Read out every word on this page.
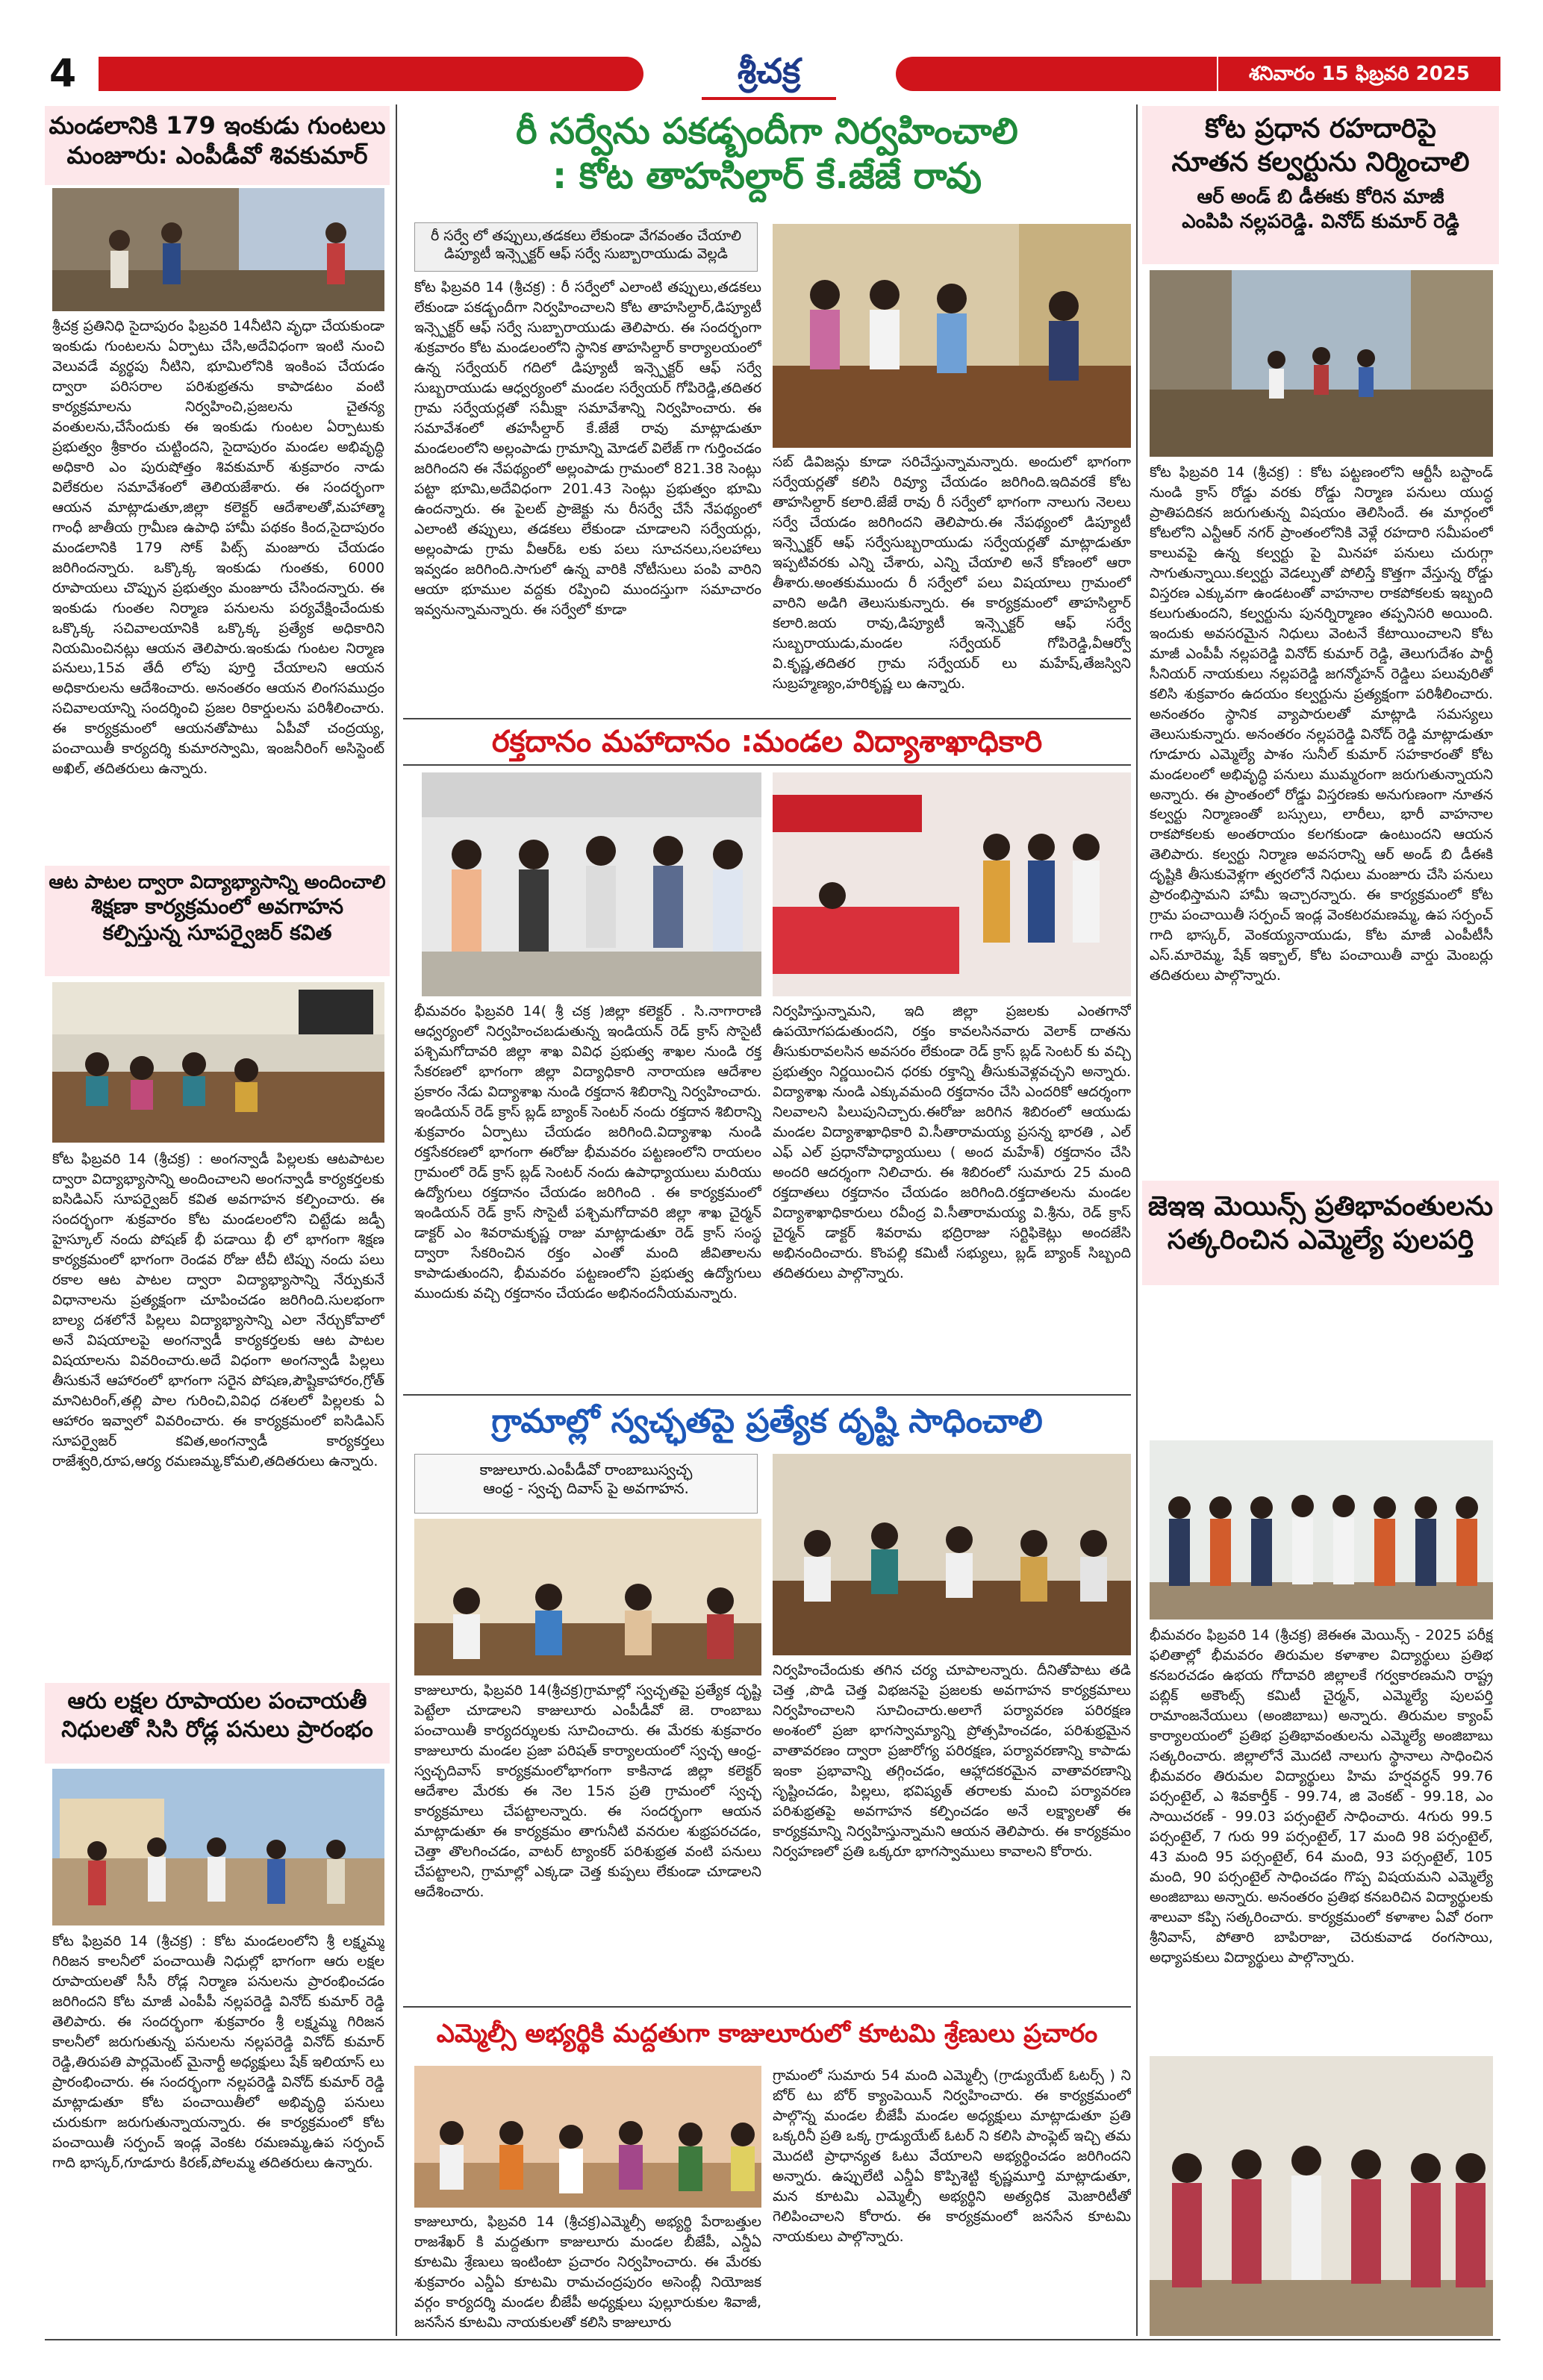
4	శ్రీచక్ర	శనివారం 15 ఫిబ్రవరి 2025
మండలానికి 179 ఇంకుడు గుంటలు
మంజూరు: ఎంపీడీవో శివకుమార్
శ్రీచక్ర ప్రతినిధి సైదాపురం ఫిబ్రవరి 14నీటిని వృధా చేయకుండా ఇంకుడు గుంటలను ఏర్పాటు చేసి,అదేవిధంగా ఇంటి నుంచి వెలువడే వ్యర్థపు నీటిని, భూమిలోనికి ఇంకింప చేయడం ద్వారా పరిసరాల పరిశుభ్రతను కాపాడటం వంటి కార్యక్రమాలను నిర్వహించి,ప్రజలను చైతన్య వంతులను,చేసేందుకు ఈ ఇంకుడు గుంటల ఏర్పాటుకు ప్రభుత్వం శ్రీకారం చుట్టిందని, సైదాపురం మండల అభివృద్ధి అధికారి ఎం పురుషోత్తం శివకుమార్ శుక్రవారం నాడు విలేకరుల సమావేశంలో తెలియజేశారు. ఈ సందర్భంగా ఆయన మాట్లాడుతూ,జిల్లా కలెక్టర్ ఆదేశాలతో,మహాత్మా గాంధీ జాతీయ గ్రామీణ ఉపాధి హామీ పథకం కింద,సైదాపురం మండలానికి 179 సోక్ పిట్స్ మంజూరు చేయడం జరిగిందన్నారు. ఒక్కొక్క ఇంకుడు గుంతకు, 6000 రూపాయలు చొప్పున ప్రభుత్వం మంజూరు చేసిందన్నారు. ఈ ఇంకుడు గుంతల నిర్మాణ పనులను పర్యవేక్షించేందుకు ఒక్కొక్క సచివాలయానికి ఒక్కొక్క ప్రత్యేక అధికారిని నియమించినట్లు ఆయన తెలిపారు.ఇంకుడు గుంటల నిర్మాణ పనులు,15వ తేదీ లోపు పూర్తి చేయాలని ఆయన అధికారులను ఆదేశించారు. అనంతరం ఆయన లింగసముద్రం సచివాలయాన్ని సందర్శించి ప్రజల రికార్డులను పరిశీలించారు. ఈ కార్యక్రమంలో ఆయనతోపాటు ఏపీవో చంద్రయ్య, పంచాయితీ కార్యదర్శి కుమారస్వామి, ఇంజనీరింగ్ అసిస్టెంట్ అఖిల్, తదితరులు ఉన్నారు.
ఆట పాటల ద్వారా విద్యాభ్యాసాన్ని అందించాలి
శిక్షణా కార్యక్రమంలో అవగాహన
కల్పిస్తున్న సూపర్వైజర్ కవిత
కోట ఫిబ్రవరి 14 (శ్రీచక్ర) : అంగన్వాడీ పిల్లలకు ఆటపాటల ద్వారా విద్యాభ్యాసాన్ని అందించాలని అంగన్వాడీ కార్యకర్తలకు ఐసిడిఎస్ సూపర్వైజర్ కవిత అవగాహన కల్పించారు. ఈ సందర్భంగా శుక్రవారం కోట మండలంలోని చిట్టేడు జడ్పీ హైస్కూల్ నందు పోషణ్ భీ పడాయి భీ లో భాగంగా శిక్షణ కార్యక్రమంలో భాగంగా రెండవ రోజు టీచీ టిప్పు నందు పలు రకాల ఆట పాటల ద్వారా విద్యాభ్యాసాన్ని నేర్పుకునే విధానాలను ప్రత్యక్షంగా చూపించడం జరిగింది.సులభంగా బాల్య దశలోనే పిల్లలు విద్యాభ్యాసాన్ని ఎలా నేర్చుకోవాలో అనే విషయాలపై అంగన్వాడీ కార్యకర్తలకు ఆట పాటల విషయాలను వివరించారు.అదే విధంగా అంగన్వాడీ పిల్లలు తీసుకునే ఆహారంలో భాగంగా సరైన పోషణ,పౌష్టికాహారం,గ్రోత్ మానిటరింగ్,తల్లి పాల గురించి,వివిధ దశలలో పిల్లలకు ఏ ఆహారం ఇవ్వాలో వివరించారు. ఈ కార్యక్రమంలో ఐసిడిఎస్ సూపర్వైజర్ కవిత,అంగన్వాడీ కార్యకర్తలు రాజేశ్వరి,రూప,ఆర్య రమణమ్మ,కోమలి,తదితరులు ఉన్నారు.
ఆరు లక్షల రూపాయల పంచాయతీ
నిధులతో సిసి రోడ్ల పనులు ప్రారంభం
కోట ఫిబ్రవరి 14 (శ్రీచక్ర) : కోట మండలంలోని శ్రీ లక్ష్మమ్మ గిరిజన కాలనీలో పంచాయితీ నిధుల్లో భాగంగా ఆరు లక్షల రూపాయలతో సీసీ రోడ్ల నిర్మాణ పనులను ప్రారంభించడం జరిగిందని కోట మాజీ ఎంపీపీ నల్లపరెడ్డి వినోద్ కుమార్ రెడ్డి తెలిపారు. ఈ సందర్భంగా శుక్రవారం శ్రీ లక్ష్మమ్మ గిరిజన కాలనీలో జరుగుతున్న పనులను నల్లపరెడ్డి వినోద్ కుమార్ రెడ్డి,తిరుపతి పార్లమెంట్ మైనార్టీ అధ్యక్షులు షేక్ ఇలియాస్ లు ప్రారంభించారు. ఈ సందర్భంగా నల్లపరెడ్డి వినోద్ కుమార్ రెడ్డి మాట్లాడుతూ కోట పంచాయితీలో అభివృద్ధి పనులు చురుకుగా జరుగుతున్నాయన్నారు. ఈ కార్యక్రమంలో కోట పంచాయితీ సర్పంచ్ ఇండ్ల వెంకట రమణమ్మ,ఉప సర్పంచ్ గాది భాస్కర్,గూడూరు కిరణ్,పోలమ్మ తదితరులు ఉన్నారు.
రీ సర్వేను పకడ్బందీగా నిర్వహించాలి
: కోట తాహసిల్దార్ కే.జేజే రావు
రీ సర్వే లో తప్పులు,తడకలు లేకుండా వేగవంతం చేయాలి
డిప్యూటీ ఇన్స్పెక్టర్ ఆఫ్ సర్వే సుబ్బారాయుడు వెల్లడి
కోట ఫిబ్రవరి 14 (శ్రీచక్ర) : రీ సర్వేలో ఎలాంటి తప్పులు,తడకలు లేకుండా పకడ్బందీగా నిర్వహించాలని కోట తాహసిల్దార్,డిప్యూటీ ఇన్స్పెక్టర్ ఆఫ్ సర్వే సుబ్బారాయుడు తెలిపారు. ఈ సందర్భంగా శుక్రవారం కోట మండలంలోని స్థానిక తాహసిల్దార్ కార్యాలయంలో ఉన్న సర్వేయర్ గదిలో డిప్యూటీ ఇన్స్పెక్టర్ ఆఫ్ సర్వే సుబ్బరాయుడు ఆధ్వర్యంలో మండల సర్వేయర్ గోపిరెడ్డి,తదితర గ్రామ సర్వేయర్లతో సమీక్షా సమావేశాన్ని నిర్వహించారు. ఈ సమావేశంలో తహసీల్దార్ కే.జేజే రావు మాట్లాడుతూ మండలంలోని అల్లంపాడు గ్రామాన్ని మోడల్ విలేజ్ గా గుర్తించడం జరిగిందని ఈ నేపథ్యంలో అల్లంపాడు గ్రామంలో 821.38 సెంట్లు పట్టా భూమి,అదేవిధంగా 201.43 సెంట్లు ప్రభుత్వం భూమి ఉందన్నారు. ఈ పైలట్ ప్రాజెక్టు ను రీసర్వే చేసే నేపథ్యంలో ఎలాంటి తప్పులు, తడకలు లేకుండా చూడాలని సర్వేయర్లు, అల్లంపాడు గ్రామ వీఆర్ఓ లకు పలు సూచనలు,సలహాలు ఇవ్వడం జరిగింది.సాగులో ఉన్న వారికి నోటీసులు పంపి వారిని ఆయా భూముల వద్దకు రప్పించి ముందస్తుగా సమాచారం ఇవ్వనున్నామన్నారు. ఈ సర్వేలో కూడా
సబ్ డివిజన్లు కూడా సరిచేస్తున్నామన్నారు. అందులో భాగంగా సర్వేయర్లతో కలిసి రివ్యూ చేయడం జరిగింది.ఇదివరకే కోట తాహసిల్దార్ కలారి.జేజే రావు రీ సర్వేలో భాగంగా నాలుగు నెలలు సర్వే చేయడం జరిగిందని తెలిపారు.ఈ నేపథ్యంలో డిప్యూటీ ఇన్స్పెక్టర్ ఆఫ్ సర్వేసుబ్బరాయుడు సర్వేయర్లతో మాట్లాడుతూ ఇప్పటివరకు ఎన్ని చేశారు, ఎన్ని చేయాలి అనే కోణంలో ఆరా తీశారు.అంతకుముందు రీ సర్వేలో పలు విషయాలు గ్రామంలో వారిని అడిగి తెలుసుకున్నారు. ఈ కార్యక్రమంలో తాహసిల్దార్ కలారి.జయ రావు,డిప్యూటీ ఇన్స్పెక్టర్ ఆఫ్ సర్వే సుబ్బరాయుడు,మండల సర్వేయర్ గోపిరెడ్డి,వీఆర్వో వి.కృష్ణ,తదితర గ్రామ సర్వేయర్ లు మహేష్,తేజస్విని సుబ్రహ్మణ్యం,హరికృష్ణ లు ఉన్నారు.
రక్తదానం మహాదానం :మండల విద్యాశాఖాధికారి
భీమవరం ఫిబ్రవరి 14( శ్రీ చక్ర )జిల్లా కలెక్టర్ . సి.నాగారాణి ఆధ్వర్యంలో నిర్వహించబడుతున్న ఇండియన్ రెడ్ క్రాస్ సొసైటీ పశ్చిమగోదావరి జిల్లా శాఖ వివిధ ప్రభుత్వ శాఖల నుండి రక్త సేకరణలో భాగంగా జిల్లా విద్యాధికారి నారాయణ ఆదేశాల ప్రకారం నేడు విద్యాశాఖ నుండి రక్తదాన శిబిరాన్ని నిర్వహించారు. ఇండియన్ రెడ్ క్రాస్ బ్లడ్ బ్యాంక్ సెంటర్ నందు రక్తదాన శిబిరాన్ని శుక్రవారం ఏర్పాటు చేయడం జరిగింది.విద్యాశాఖ నుండి రక్తసేకరణలో భాగంగా ఈరోజు భీమవరం పట్టణంలోని రాయలం గ్రామంలో రెడ్ క్రాస్ బ్లడ్ సెంటర్ నందు ఉపాధ్యాయులు మరియు ఉద్యోగులు రక్తదానం చేయడం జరిగింది . ఈ కార్యక్రమంలో ఇండియన్ రెడ్ క్రాస్ సొసైటీ పశ్చిమగోదావరి జిల్లా శాఖ చైర్మన్ డాక్టర్ ఎం శివరామకృష్ణ రాజు మాట్లాడుతూ రెడ్ క్రాస్ సంస్థ ద్వారా సేకరించిన రక్తం ఎంతో మంది జీవితాలను కాపాడుతుందని, భీమవరం పట్టణంలోని ప్రభుత్వ ఉద్యోగులు ముందుకు వచ్చి రక్తదానం చేయడం అభినందనీయమన్నారు.
నిర్వహిస్తున్నామని, ఇది జిల్లా ప్రజలకు ఎంతగానో ఉపయోగపడుతుందని, రక్తం కావలసినవారు వెలాక్ దాతను తీసుకురావలసిన అవసరం లేకుండా రెడ్ క్రాస్ బ్లడ్ సెంటర్ కు వచ్చి ప్రభుత్వం నిర్ణయించిన ధరకు రక్తాన్ని తీసుకువెళ్లవచ్చని అన్నారు. విద్యాశాఖ నుండి ఎక్కువమంది రక్తదానం చేసి ఎందరికో ఆదర్శంగా నిలవాలని పిలుపునిచ్చారు.ఈరోజు జరిగిన శిబిరంలో ఆయుడు మండల విద్యాశాఖాధికారి వి.సీతారామయ్య ప్రసన్న భారతి , ఎల్ ఎఫ్ ఎల్ ప్రధానోపాధ్యాయులు ( అంద మహేశ్) రక్తదానం చేసి అందరి ఆదర్శంగా నిలిచారు. ఈ శిబిరంలో సుమారు 25 మంది రక్తదాతలు రక్తదానం చేయడం జరిగింది.రక్తదాతలను మండల విద్యాశాఖాధికారులు రవీంద్ర వి.సీతారామయ్య వి.శ్రీను, రెడ్ క్రాస్ చైర్మన్ డాక్టర్ శివరామ భద్రిరాజు సర్టిఫికెట్లు అందజేసి అభినందించారు. కొంపల్లి కమిటీ సభ్యులు, బ్లడ్ బ్యాంక్ సిబ్బంది తదితరులు పాల్గొన్నారు.
గ్రామాల్లో స్వచ్ఛతపై ప్రత్యేక దృష్టి సాధించాలి
కాజులూరు.ఎంపీడీవో రాంబాబుస్వచ్ఛ
ఆంధ్ర - స్వచ్ఛ దివాస్ పై అవగాహన.
కాజులూరు, ఫిబ్రవరి 14(శ్రీచక్ర)గ్రామాల్లో స్వచ్ఛతపై ప్రత్యేక దృష్టి పెట్టేలా చూడాలని కాజులూరు ఎంపీడీవో జె. రాంబాబు పంచాయితీ కార్యదర్శులకు సూచించారు. ఈ మేరకు శుక్రవారం కాజులూరు మండల ప్రజా పరిషత్ కార్యాలయంలో స్వచ్ఛ ఆంధ్ర- స్వచ్ఛదివాస్ కార్యక్రమంలోభాగంగా కాకినాడ జిల్లా కలెక్టర్ ఆదేశాల మేరకు ఈ నెల 15న ప్రతి గ్రామంలో స్వచ్ఛ కార్యక్రమాలు చేపట్టాలన్నారు. ఈ సందర్భంగా ఆయన మాట్లాడుతూ ఈ కార్యక్రమం తాగునీటి వనరుల శుభ్రపరచడం, చెత్తా తొలగించడం, వాటర్ ట్యాంకర్ పరిశుభ్రత వంటి పనులు చేపట్టాలని, గ్రామాల్లో ఎక్కడా చెత్త కుప్పలు లేకుండా చూడాలని ఆదేశించారు.
నిర్వహించేందుకు తగిన చర్య చూపాలన్నారు. దీనితోపాటు తడి చెత్త ,పొడి చెత్త విభజనపై ప్రజలకు అవగాహన కార్యక్రమాలు నిర్వహించాలని సూచించారు.అలాగే పర్యావరణ పరిరక్షణ అంశంలో ప్రజా భాగస్వామ్యాన్ని ప్రోత్సహించడం, పరిశుభ్రమైన వాతావరణం ద్వారా ప్రజారోగ్య పరిరక్షణ, పర్యావరణాన్ని కాపాడు ఇంకా ప్రభావాన్ని తగ్గించడం, ఆహ్లాదకరమైన వాతావరణాన్ని సృష్టించడం, పిల్లలు, భవిష్యత్ తరాలకు మంచి పర్యావరణ పరిశుభ్రతపై అవగాహన కల్పించడం అనే లక్ష్యాలతో ఈ కార్యక్రమాన్ని నిర్వహిస్తున్నామని ఆయన తెలిపారు. ఈ కార్యక్రమం నిర్వహణలో ప్రతి ఒక్కరూ భాగస్వాములు కావాలని కోరారు.
ఎమ్మెల్సీ అభ్యర్థికి మద్దతుగా కాజులూరులో కూటమి శ్రేణులు ప్రచారం
కాజులూరు, ఫిబ్రవరి 14 (శ్రీచక్ర)ఎమ్మెల్సీ అభ్యర్థి పేరాబత్తుల రాజశేఖర్ కి మద్దతుగా కాజులూరు మండల బీజేపీ, ఎన్డీఏ కూటమి శ్రేణులు ఇంటింటా ప్రచారం నిర్వహించారు. ఈ మేరకు శుక్రవారం ఎన్డీఏ కూటమి రామచంద్రపురం అసెంబ్లీ నియోజక వర్గం కార్యదర్శి మండల బీజేపీ అధ్యక్షులు పుల్లూరుకుల శివాజీ, జనసేన కూటమి నాయకులతో కలిసి కాజులూరు
గ్రామంలో సుమారు 54 మంది ఎమ్మెల్సీ (గ్రాడ్యుయేట్ ఓటర్స్ ) ని బోర్ టు బోర్ క్యాంపెయిన్ నిర్వహించారు. ఈ కార్యక్రమంలో పాల్గొన్న మండల బీజేపీ మండల అధ్యక్షులు మాట్లాడుతూ ప్రతి ఒక్కరినీ ప్రతి ఒక్క గ్రాడ్యుయేట్ ఓటర్ ని కలిసి పాంఫ్లెట్ ఇచ్చి తమ మొదటి ప్రాధాన్యత ఓటు వేయాలని అభ్యర్థించడం జరిగిందని అన్నారు. ఉప్పులేటి ఎన్డీఏ కొప్పిశెట్టి కృష్ణమూర్తి మాట్లాడుతూ, మన కూటమి ఎమ్మెల్సీ అభ్యర్థిని అత్యధిక మెజారిటీతో గెలిపించాలని కోరారు. ఈ కార్యక్రమంలో జనసేన కూటమి నాయకులు పాల్గొన్నారు.
కోట ప్రధాన రహదారిపై
నూతన కల్వర్టును నిర్మించాలి
ఆర్ అండ్ బి డీఈకు కోరిన మాజీ
ఎంపిపి నల్లపరెడ్డి. వినోద్ కుమార్ రెడ్డి
కోట ఫిబ్రవరి 14 (శ్రీచక్ర) : కోట పట్టణంలోని ఆర్టీసీ బస్టాండ్ నుండి క్రాస్ రోడ్డు వరకు రోడ్డు నిర్మాణ పనులు యుద్ధ ప్రాతిపదికన జరుగుతున్న విషయం తెలిసిందే. ఈ మార్గంలో కోటలోని ఎన్టీఆర్ నగర్ ప్రాంతంలోనికి వెళ్లే రహదారి సమీపంలో కాలువపై ఉన్న కల్వర్టు పై మినహా పనులు చురుగ్గా సాగుతున్నాయి.కల్వర్టు వెడల్పుతో పోలిస్తే కొత్తగా వేస్తున్న రోడ్డు విస్తరణ ఎక్కువగా ఉండటంతో వాహనాల రాకపోకలకు ఇబ్బంది కలుగుతుందని, కల్వర్టును పునర్నిర్మాణం తప్పనిసరి అయింది. ఇందుకు అవసరమైన నిధులు వెంటనే కేటాయించాలని కోట మాజీ ఎంపీపీ నల్లపరెడ్డి వినోద్ కుమార్ రెడ్డి, తెలుగుదేశం పార్టీ సీనియర్ నాయకులు నల్లపరెడ్డి జగన్మోహన్ రెడ్డిలు పలువురితో కలిసి శుక్రవారం ఉదయం కల్వర్టును ప్రత్యక్షంగా పరిశీలించారు. అనంతరం స్థానిక వ్యాపారులతో మాట్లాడి సమస్యలు తెలుసుకున్నారు. అనంతరం నల్లపరెడ్డి వినోద్ రెడ్డి మాట్లాడుతూ గూడూరు ఎమ్మెల్యే పాశం సునీల్ కుమార్ సహకారంతో కోట మండలంలో అభివృద్ధి పనులు ముమ్మరంగా జరుగుతున్నాయని అన్నారు. ఈ ప్రాంతంలో రోడ్డు విస్తరణకు అనుగుణంగా నూతన కల్వర్టు నిర్మాణంతో బస్సులు, లారీలు, భారీ వాహనాల రాకపోకలకు అంతరాయం కలగకుండా ఉంటుందని ఆయన తెలిపారు. కల్వర్టు నిర్మాణ అవసరాన్ని ఆర్ అండ్ బి డీఈకి దృష్టికి తీసుకువెళ్లగా త్వరలోనే నిధులు మంజూరు చేసి పనులు ప్రారంభిస్తామని హామీ ఇచ్చారన్నారు. ఈ కార్యక్రమంలో కోట గ్రామ పంచాయితీ సర్పంచ్ ఇండ్ల వెంకటరమణమ్మ, ఉప సర్పంచ్ గాది భాస్కర్, వెంకయ్యనాయుడు, కోట మాజీ ఎంపీటీసీ ఎస్.మారెమ్మ, షేక్ ఇక్బాల్, కోట పంచాయితీ వార్డు మెంబర్లు తదితరులు పాల్గొన్నారు.
జెఇఇ మెయిన్స్ ప్రతిభావంతులను
సత్కరించిన ఎమ్మెల్యే పులపర్తి
భీమవరం ఫిబ్రవరి 14 (శ్రీచక్ర) జెఈఈ మెయిన్స్ - 2025 పరీక్ష ఫలితాల్లో భీమవరం తిరుమల కళాశాల విద్యార్థులు ప్రతిభ కనబరచడం ఉభయ గోదావరి జిల్లాలకే గర్వకారణమని రాష్ట్ర పబ్లిక్ అకౌంట్స్ కమిటీ చైర్మన్, ఎమ్మెల్యే పులపర్తి రామాంజనేయులు (అంజిబాబు) అన్నారు. తిరుమల క్యాంప్ కార్యాలయంలో ప్రతిభ ప్రతిభావంతులను ఎమ్మెల్యే అంజిబాబు సత్కరించారు. జిల్లాలోనే మొదటి నాలుగు స్థానాలు సాధించిన భీమవరం తిరుమల విద్యార్థులు హిమ హర్షవర్ధన్ 99.76 పర్సంటైల్, ఎ శివకార్తీక్ - 99.74, జి వెంకట్ - 99.18, ఎం సాయిచరణ్ - 99.03 పర్సంటైల్ సాధించారు. 4గురు 99.5 పర్సంటైల్, 7 గురు 99 పర్సంటైల్, 17 మంది 98 పర్సంటైల్, 43 మంది 95 పర్సంటైల్, 64 మంది, 93 పర్సంటైల్, 105 మంది, 90 పర్సంటైల్ సాధించడం గొప్ప విషయమని ఎమ్మెల్యే అంజిబాబు అన్నారు. అనంతరం ప్రతిభ కనబరిచిన విద్యార్థులకు శాలువా కప్పి సత్కరించారు. కార్యక్రమంలో కళాశాల ఏవో రంగా శ్రీనివాస్, పోతారి బాపిరాజు, చెరుకువాడ రంగసాయి, అధ్యాపకులు విద్యార్థులు పాల్గొన్నారు.
